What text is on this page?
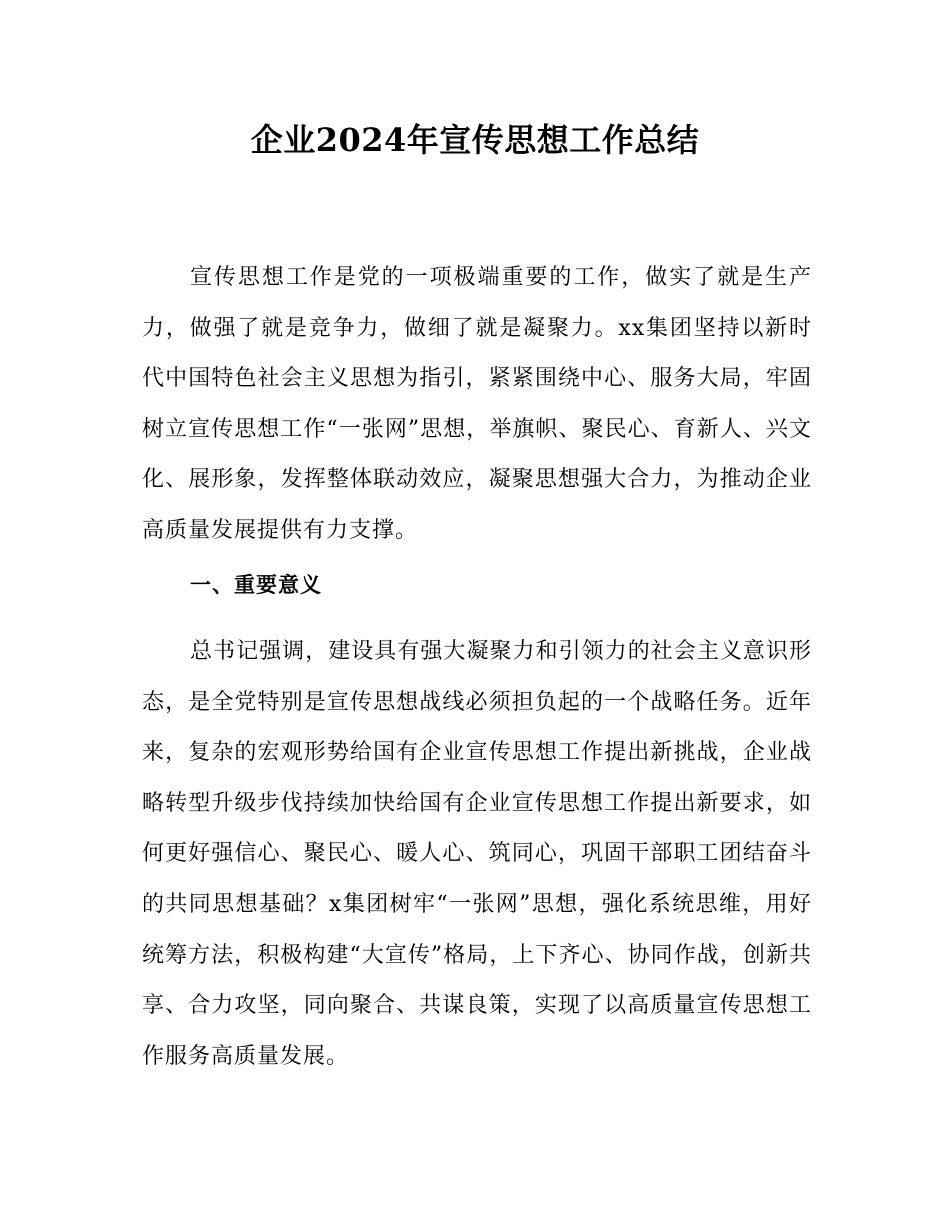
企业2024年宣传思想工作总结

宣传思想工作是党的一项极端重要的工作，做实了就是生产力，做强了就是竞争力，做细了就是凝聚力。xx集团坚持以新时代中国特色社会主义思想为指引，紧紧围绕中心、服务大局，牢固树立宣传思想工作“一张网”思想，举旗帜、聚民心、育新人、兴文化、展形象，发挥整体联动效应，凝聚思想强大合力，为推动企业高质量发展提供有力支撑。

一、重要意义

总书记强调，建设具有强大凝聚力和引领力的社会主义意识形态，是全党特别是宣传思想战线必须担负起的一个战略任务。近年来，复杂的宏观形势给国有企业宣传思想工作提出新挑战，企业战略转型升级步伐持续加快给国有企业宣传思想工作提出新要求，如何更好强信心、聚民心、暖人心、筑同心，巩固干部职工团结奋斗的共同思想基础？x集团树牢“一张网”思想，强化系统思维，用好统筹方法，积极构建“大宣传”格局，上下齐心、协同作战，创新共享、合力攻坚，同向聚合、共谋良策，实现了以高质量宣传思想工作服务高质量发展。
